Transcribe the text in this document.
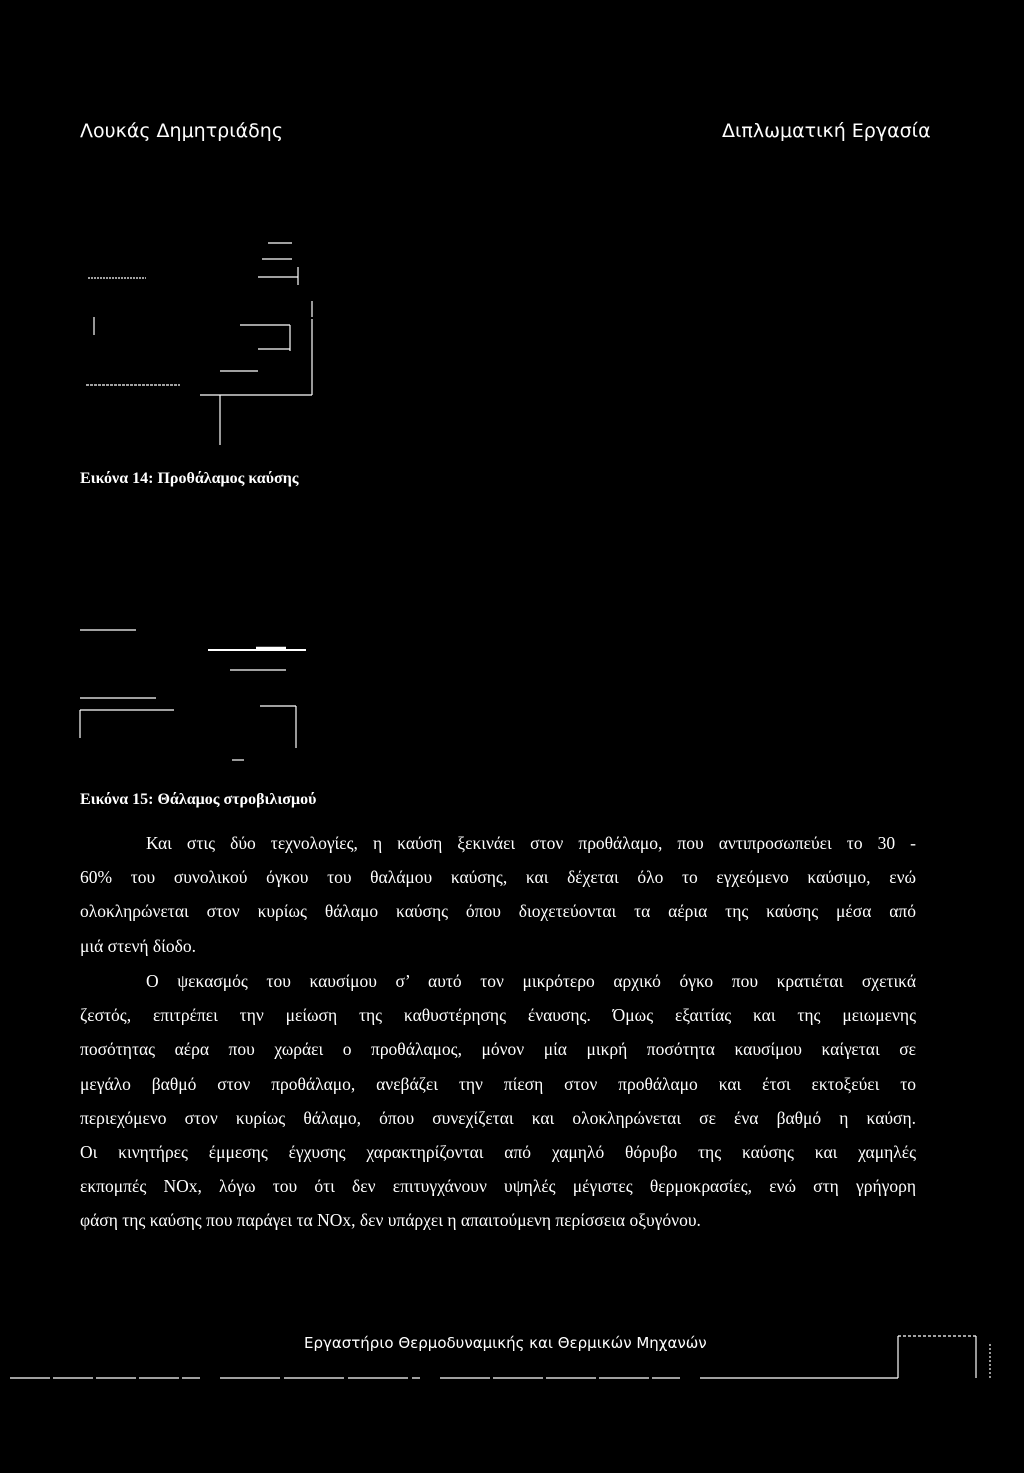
Λουκάς Δημητριάδης	Διπλωματική Εργασία
Εικόνα 14: Προθάλαμος καύσης
Εικόνα 15: Θάλαμος στροβιλισμού
Και στις δύο τεχνολογίες, η καύση ξεκινάει στον προθάλαμο, που αντιπροσωπεύει το 30 -
60% του συνολικού όγκου του θαλάμου καύσης, και δέχεται όλο το εγχεόμενο καύσιμο, ενώ
ολοκληρώνεται στον κυρίως θάλαμο καύσης όπου διοχετεύονται τα αέρια της καύσης μέσα από
μιά στενή δίοδο.
Ο ψεκασμός του καυσίμου σ’ αυτό τον μικρότερο αρχικό όγκο που κρατιέται σχετικά
ζεστός, επιτρέπει την μείωση της καθυστέρησης έναυσης. Όμως εξαιτίας και της μειωμενης
ποσότητας αέρα που χωράει ο προθάλαμος, μόνον μία μικρή ποσότητα καυσίμου καίγεται σε
μεγάλο βαθμό στον προθάλαμο, ανεβάζει την πίεση στον προθάλαμο και έτσι εκτοξεύει το
περιεχόμενο στον κυρίως θάλαμο, όπου συνεχίζεται και ολοκληρώνεται σε ένα βαθμό η καύση.
Οι κινητήρες έμμεσης έγχυσης χαρακτηρίζονται από χαμηλό θόρυβο της καύσης και χαμηλές
εκπομπές NOx, λόγω του ότι δεν επιτυγχάνουν υψηλές μέγιστες θερμοκρασίες, ενώ στη γρήγορη
φάση της καύσης που παράγει τα NOx, δεν υπάρχει η απαιτούμενη περίσσεια οξυγόνου.
Εργαστήριο Θερμοδυναμικής και Θερμικών Μηχανών
